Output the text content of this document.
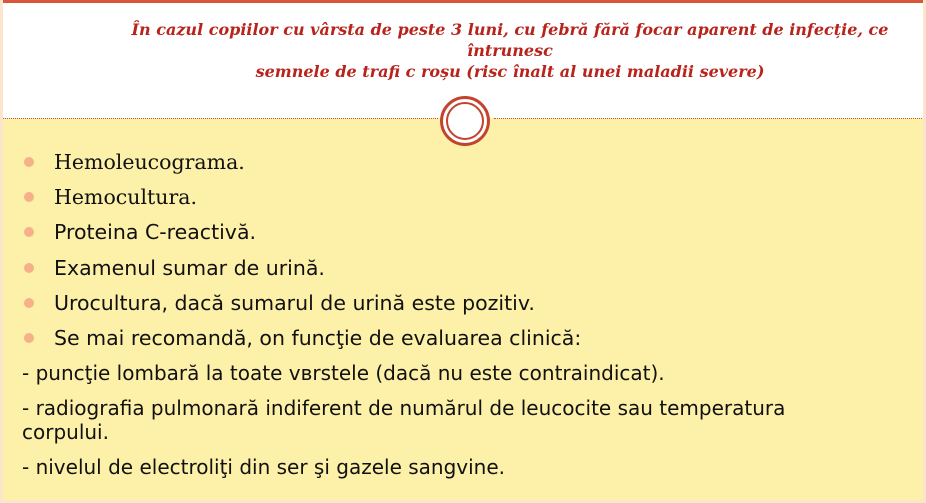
În cazul copiilor cu vârsta de peste 3 luni, cu febră fără focar aparent de infecție, ce
întrunesc
semnele de trafi c roșu (risc înalt al unei maladii severe)

Hemoleucograma.
Hemocultura.
Proteina C-reactivă.
Examenul sumar de urină.
Urocultura, dacă sumarul de urină este pozitiv.
Se mai recomandă, on funcţie de evaluarea clinică:
- puncţie lombară la toate vвrstele (dacă nu este contraindicat).
- radiografia pulmonară indiferent de numărul de leucocite sau temperatura corpului.
- nivelul de electroliţi din ser şi gazele sangvine.
